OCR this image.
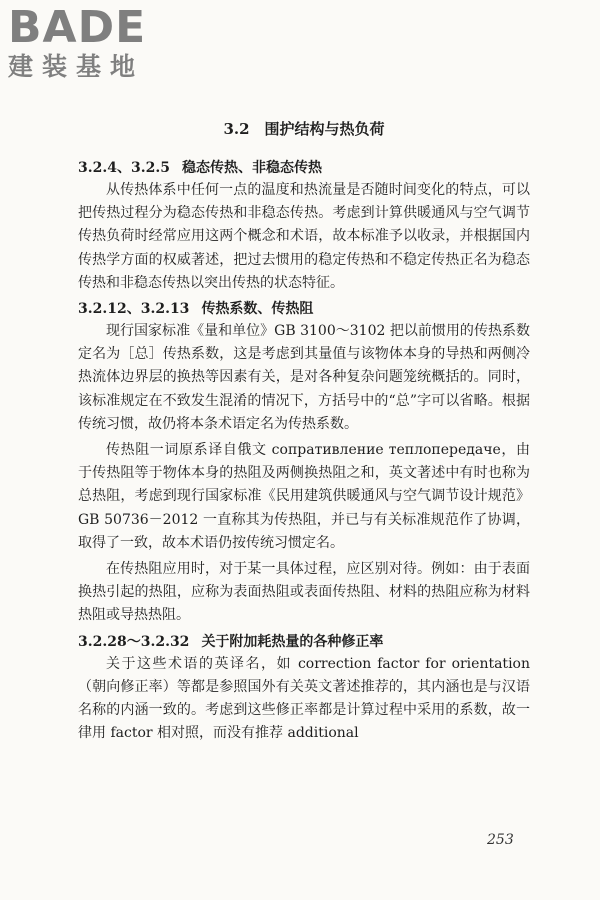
BADE
建装基地
3.2　围护结构与热负荷
3.2.4、3.2.5 稳态传热、非稳态传热

从传热体系中任何一点的温度和热流量是否随时间变化的特点，可以把传热过程分为稳态传热和非稳态传热。考虑到计算供暖通风与空气调节传热负荷时经常应用这两个概念和术语，故本标准予以收录，并根据国内传热学方面的权威著述，把过去惯用的稳定传热和不稳定传热正名为稳态传热和非稳态传热以突出传热的状态特征。

3.2.12、3.2.13 传热系数、传热阻

现行国家标准《量和单位》GB 3100～3102 把以前惯用的传热系数定名为［总］传热系数，这是考虑到其量值与该物体本身的导热和两侧冷热流体边界层的换热等因素有关，是对各种复杂问题笼统概括的。同时，该标准规定在不致发生混淆的情况下，方括号中的“总”字可以省略。根据传统习惯，故仍将本条术语定名为传热系数。

传热阻一词原系译自俄文 сопративление теплопередаче，由于传热阻等于物体本身的热阻及两侧换热阻之和，英文著述中有时也称为总热阻，考虑到现行国家标准《民用建筑供暖通风与空气调节设计规范》GB 50736－2012 一直称其为传热阻，并已与有关标准规范作了协调，取得了一致，故本术语仍按传统习惯定名。

在传热阻应用时，对于某一具体过程，应区别对待。例如：由于表面换热引起的热阻，应称为表面热阻或表面传热阻、材料的热阻应称为材料热阻或导热热阻。

3.2.28～3.2.32 关于附加耗热量的各种修正率

关于这些术语的英译名，如 correction factor for orientation（朝向修正率）等都是参照国外有关英文著述推荐的，其内涵也是与汉语名称的内涵一致的。考虑到这些修正率都是计算过程中采用的系数，故一律用 factor 相对照，而没有推荐 additional

253
